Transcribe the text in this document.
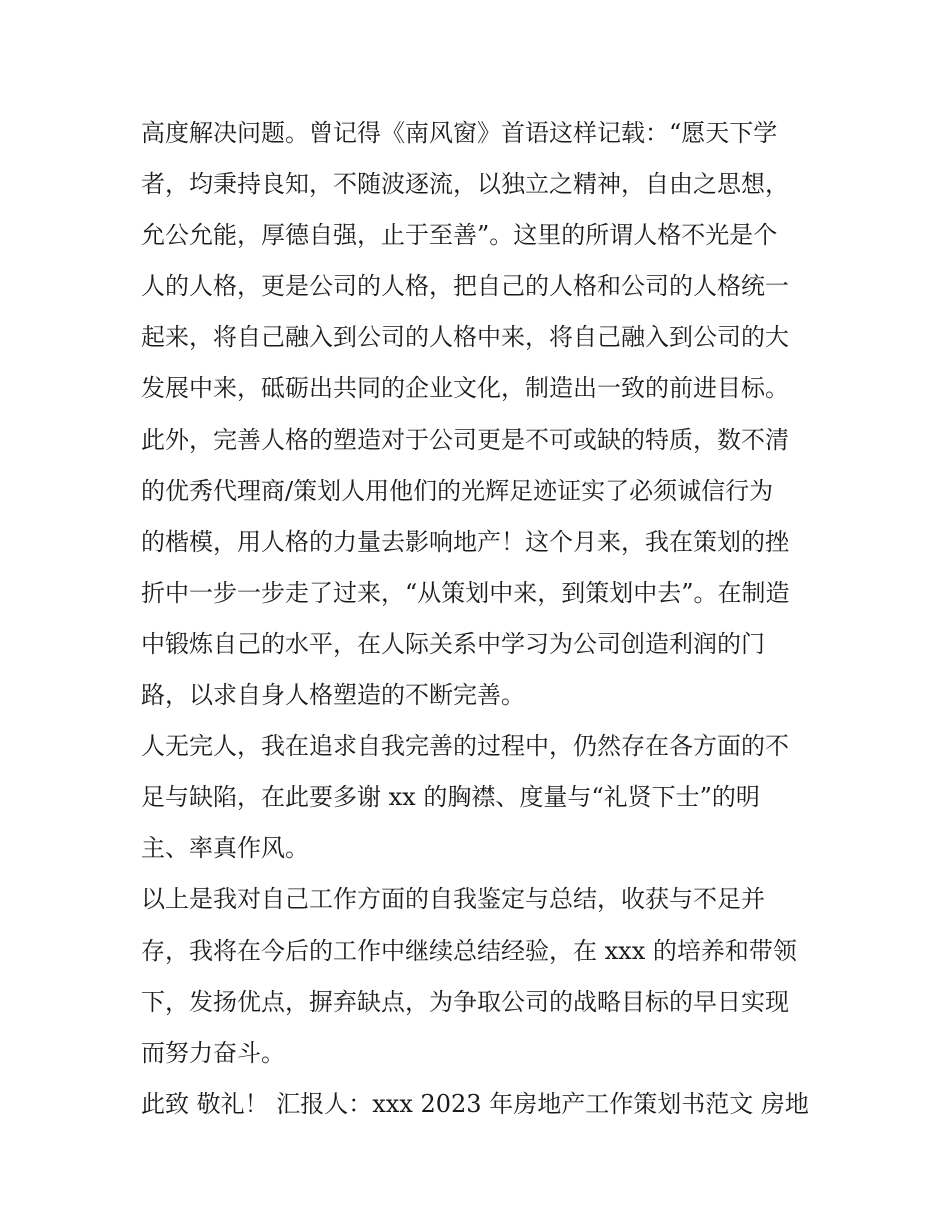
高度解决问题。曾记得《南风窗》首语这样记载：“愿天下学
者，均秉持良知，不随波逐流，以独立之精神，自由之思想，
允公允能，厚德自强，止于至善”。这里的所谓人格不光是个
人的人格，更是公司的人格，把自己的人格和公司的人格统一
起来，将自己融入到公司的人格中来，将自己融入到公司的大
发展中来，砥砺出共同的企业文化，制造出一致的前进目标。
此外，完善人格的塑造对于公司更是不可或缺的特质，数不清
的优秀代理商/策划人用他们的光辉足迹证实了必须诚信行为
的楷模，用人格的力量去影响地产！这个月来，我在策划的挫
折中一步一步走了过来，“从策划中来，到策划中去”。在制造
中锻炼自己的水平，在人际关系中学习为公司创造利润的门
路，以求自身人格塑造的不断完善。
人无完人，我在追求自我完善的过程中，仍然存在各方面的不
足与缺陷，在此要多谢 xx 的胸襟、度量与“礼贤下士”的明
主、率真作风。
以上是我对自己工作方面的自我鉴定与总结，收获与不足并
存，我将在今后的工作中继续总结经验，在 xxx 的培养和带领
下，发扬优点，摒弃缺点，为争取公司的战略目标的早日实现
而努力奋斗。
此致 敬礼！ 汇报人：xxx 2023 年房地产工作策划书范文 房地
